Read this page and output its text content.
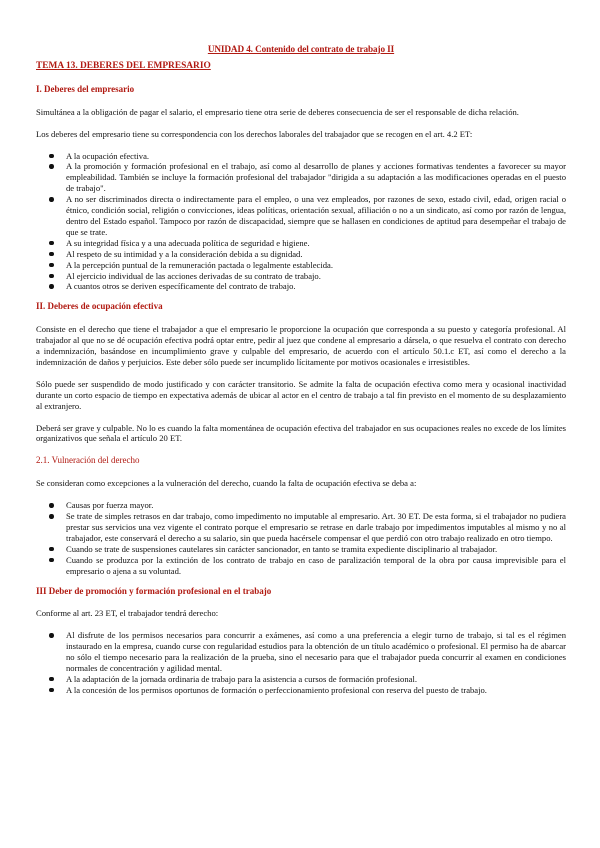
UNIDAD 4. Contenido del contrato de trabajo II
TEMA 13. DEBERES DEL EMPRESARIO
I. Deberes del empresario

Simultánea a la obligación de pagar el salario, el empresario tiene otra serie de deberes consecuencia de ser el responsable de dicha relación.

Los deberes del empresario tiene su correspondencia con los derechos laborales del trabajador que se recogen en el art. 4.2 ET:

A la ocupación efectiva.
A la promoción y formación profesional en el trabajo, así como al desarrollo de planes y acciones formativas tendentes a favorecer su mayor empleabilidad. También se incluye la formación profesional del trabajador "dirigida a su adaptación a las modificaciones operadas en el puesto de trabajo".
A no ser discriminados directa o indirectamente para el empleo, o una vez empleados, por razones de sexo, estado civil, edad, origen racial o étnico, condición social, religión o convicciones, ideas políticas, orientación sexual, afiliación o no a un sindicato, así como por razón de lengua, dentro del Estado español. Tampoco por razón de discapacidad, siempre que se hallasen en condiciones de aptitud para desempeñar el trabajo de que se trate.
A su integridad física y a una adecuada política de seguridad e higiene.
Al respeto de su intimidad y a la consideración debida a su dignidad.
A la percepción puntual de la remuneración pactada o legalmente establecida.
Al ejercicio individual de las acciones derivadas de su contrato de trabajo.
A cuantos otros se deriven específicamente del contrato de trabajo.
II. Deberes de ocupación efectiva

Consiste en el derecho que tiene el trabajador a que el empresario le proporcione la ocupación que corresponda a su puesto y categoría profesional. Al trabajador al que no se dé ocupación efectiva podrá optar entre, pedir al juez que condene al empresario a dársela, o que resuelva el contrato con derecho a indemnización, basándose en incumplimiento grave y culpable del empresario, de acuerdo con el artículo 50.1.c ET, así como el derecho a la indemnización de daños y perjuicios. Este deber sólo puede ser incumplido lícitamente por motivos ocasionales e irresistibles.

Sólo puede ser suspendido de modo justificado y con carácter transitorio. Se admite la falta de ocupación efectiva como mera y ocasional inactividad durante un corto espacio de tiempo en expectativa además de ubicar al actor en el centro de trabajo a tal fin previsto en el momento de su desplazamiento al extranjero.

Deberá ser grave y culpable. No lo es cuando la falta momentánea de ocupación efectiva del trabajador en sus ocupaciones reales no excede de los límites organizativos que señala el artículo 20 ET.

2.1. Vulneración del derecho

Se consideran como excepciones a la vulneración del derecho, cuando la falta de ocupación efectiva se deba a:

Causas por fuerza mayor.
Se trate de simples retrasos en dar trabajo, como impedimento no imputable al empresario. Art. 30 ET. De esta forma, si el trabajador no pudiera prestar sus servicios una vez vigente el contrato porque el empresario se retrase en darle trabajo por impedimentos imputables al mismo y no al trabajador, este conservará el derecho a su salario, sin que pueda hacérsele compensar el que perdió con otro trabajo realizado en otro tiempo.
Cuando se trate de suspensiones cautelares sin carácter sancionador, en tanto se tramita expediente disciplinario al trabajador.
Cuando se produzca por la extinción de los contrato de trabajo en caso de paralización temporal de la obra por causa imprevisible para el empresario o ajena a su voluntad.
III Deber de promoción y formación profesional en el trabajo

Conforme al art. 23 ET, el trabajador tendrá derecho:

Al disfrute de los permisos necesarios para concurrir a exámenes, así como a una preferencia a elegir turno de trabajo, si tal es el régimen instaurado en la empresa, cuando curse con regularidad estudios para la obtención de un título académico o profesional. El permiso ha de abarcar no sólo el tiempo necesario para la realización de la prueba, sino el necesario para que el trabajador pueda concurrir al examen en condiciones normales de concentración y agilidad mental.
A la adaptación de la jornada ordinaria de trabajo para la asistencia a cursos de formación profesional.
A la concesión de los permisos oportunos de formación o perfeccionamiento profesional con reserva del puesto de trabajo.
